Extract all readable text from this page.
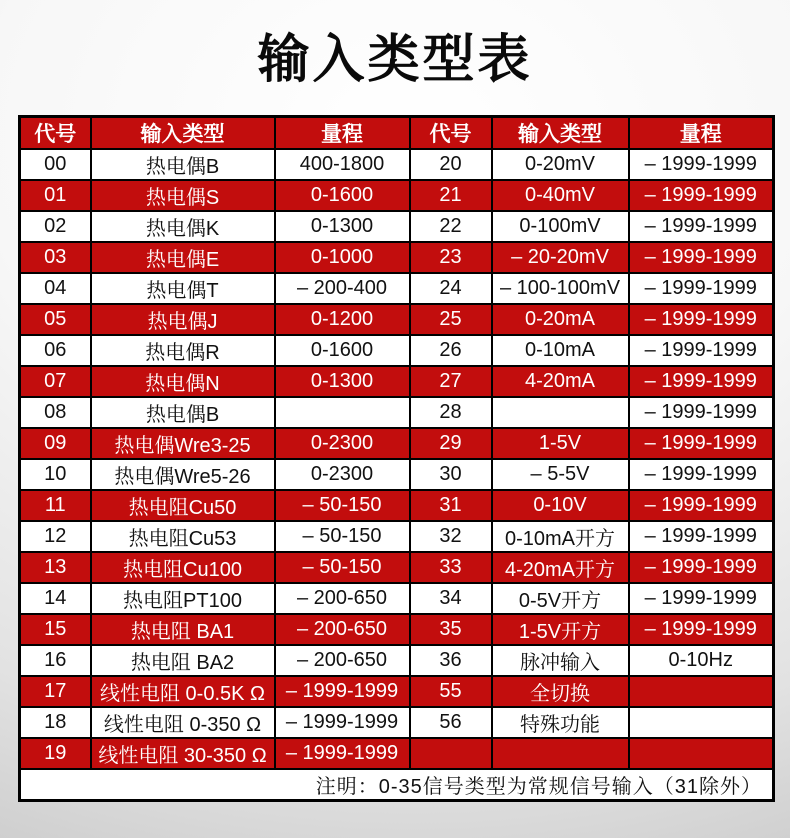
输入类型表
代号	输入类型	量程	代号	输入类型	量程
00	热电偶B	400-1800	20	0-20mV	– 1999-1999
01	热电偶S	0-1600	21	0-40mV	– 1999-1999
02	热电偶K	0-1300	22	0-100mV	– 1999-1999
03	热电偶E	0-1000	23	– 20-20mV	– 1999-1999
04	热电偶T	– 200-400	24	– 100-100mV	– 1999-1999
05	热电偶J	0-1200	25	0-20mA	– 1999-1999
06	热电偶R	0-1600	26	0-10mA	– 1999-1999
07	热电偶N	0-1300	27	4-20mA	– 1999-1999
08	热电偶B		28		– 1999-1999
09	热电偶Wre3-25	0-2300	29	1-5V	– 1999-1999
10	热电偶Wre5-26	0-2300	30	– 5-5V	– 1999-1999
11	热电阻Cu50	– 50-150	31	0-10V	– 1999-1999
12	热电阻Cu53	– 50-150	32	0-10mA开方	– 1999-1999
13	热电阻Cu100	– 50-150	33	4-20mA开方	– 1999-1999
14	热电阻PT100	– 200-650	34	0-5V开方	– 1999-1999
15	热电阻 BA1	– 200-650	35	1-5V开方	– 1999-1999
16	热电阻 BA2	– 200-650	36	脉冲输入	0-10Hz
17	线性电阻 0-0.5K Ω	– 1999-1999	55	全切换	
18	线性电阻 0-350 Ω	– 1999-1999	56	特殊功能	
19	线性电阻 30-350 Ω	– 1999-1999			
注明：0-35信号类型为常规信号输入（31除外）					
